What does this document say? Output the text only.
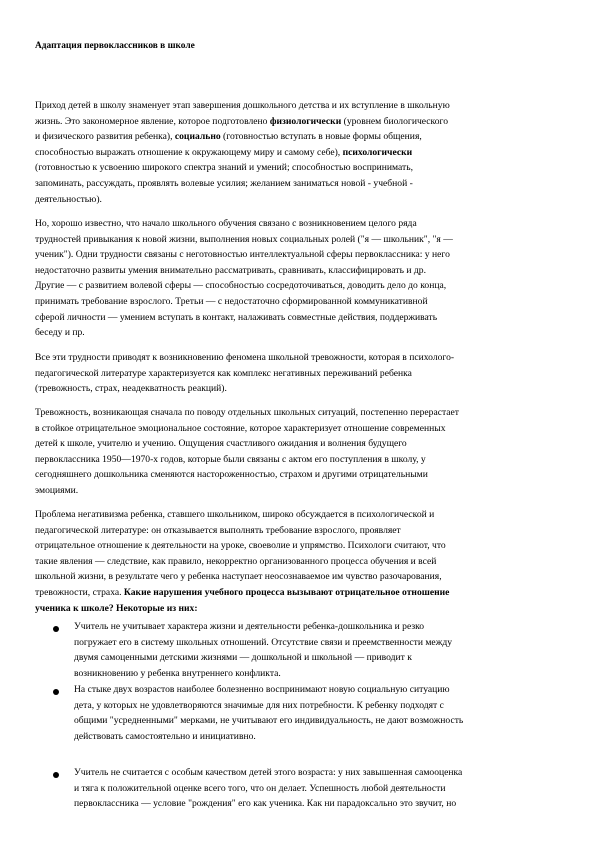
Адаптация первоклассников в школе
Приход детей в школу знаменует этап завершения дошкольного детства и их вступление в школьную
жизнь. Это закономерное явление, которое подготовлено физиологически (уровнем биологического
и физического развития ребенка), социально (готовностью вступать в новые формы общения,
способностью выражать отношение к окружающему миру и самому себе), психологически
(готовностью к усвоению широкого спектра знаний и умений; способностью воспринимать,
запоминать, рассуждать, проявлять волевые усилия; желанием заниматься новой - учебной -
деятельностью).
Но, хорошо известно, что начало школьного обучения связано с возникновением целого ряда
трудностей привыкания к новой жизни, выполнения новых социальных ролей ("я — школьник", "я —
ученик"). Одни трудности связаны с неготовностью интеллектуальной сферы первоклассника: у него
недостаточно развиты умения внимательно рассматривать, сравнивать, классифицировать и др.
Другие — с развитием волевой сферы — способностью сосредоточиваться, доводить дело до конца,
принимать требование взрослого. Третьи — с недостаточно сформированной коммуникативной
сферой личности — умением вступать в контакт, налаживать совместные действия, поддерживать
беседу и пр.
Все эти трудности приводят к возникновению феномена школьной тревожности, которая в психолого-
педагогической литературе характеризуется как комплекс негативных переживаний ребенка
(тревожность, страх, неадекватность реакций).
Тревожность, возникающая сначала по поводу отдельных школьных ситуаций, постепенно перерастает
в стойкое отрицательное эмоциональное состояние, которое характеризует отношение современных
детей к школе, учителю и учению. Ощущения счастливого ожидания и волнения будущего
первоклассника 1950—1970-х годов, которые были связаны с актом его поступления в школу, у
сегодняшнего дошкольника сменяются настороженностью, страхом и другими отрицательными
эмоциями.
Проблема негативизма ребенка, ставшего школьником, широко обсуждается в психологической и
педагогической литературе: он отказывается выполнять требование взрослого, проявляет
отрицательное отношение к деятельности на уроке, своеволие и упрямство. Психологи считают, что
такие явления — следствие, как правило, некорректно организованного процесса обучения и всей
школьной жизни, в результате чего у ребенка наступает неосознаваемое им чувство разочарования,
тревожности, страха. Какие нарушения учебного процесса вызывают отрицательное отношение
ученика к школе? Некоторые из них:
Учитель не учитывает характера жизни и деятельности ребенка-дошкольника и резко
погружает его в систему школьных отношений. Отсутствие связи и преемственности между
двумя самоценными детскими жизнями — дошкольной и школьной — приводит к
возникновению у ребенка внутреннего конфликта.
На стыке двух возрастов наиболее болезненно воспринимают новую социальную ситуацию
дета, у которых не удовлетворяются значимые для них потребности. К ребенку подходят с
общими "усредненными" мерками, не учитывают его индивидуальность, не дают возможность
действовать самостоятельно и инициативно.
Учитель не считается с особым качеством детей этого возраста: у них завышенная самооценка
и тяга к положительной оценке всего того, что он делает. Успешность любой деятельности
первоклассника — условие "рождения" его как ученика. Как ни парадоксально это звучит, но
